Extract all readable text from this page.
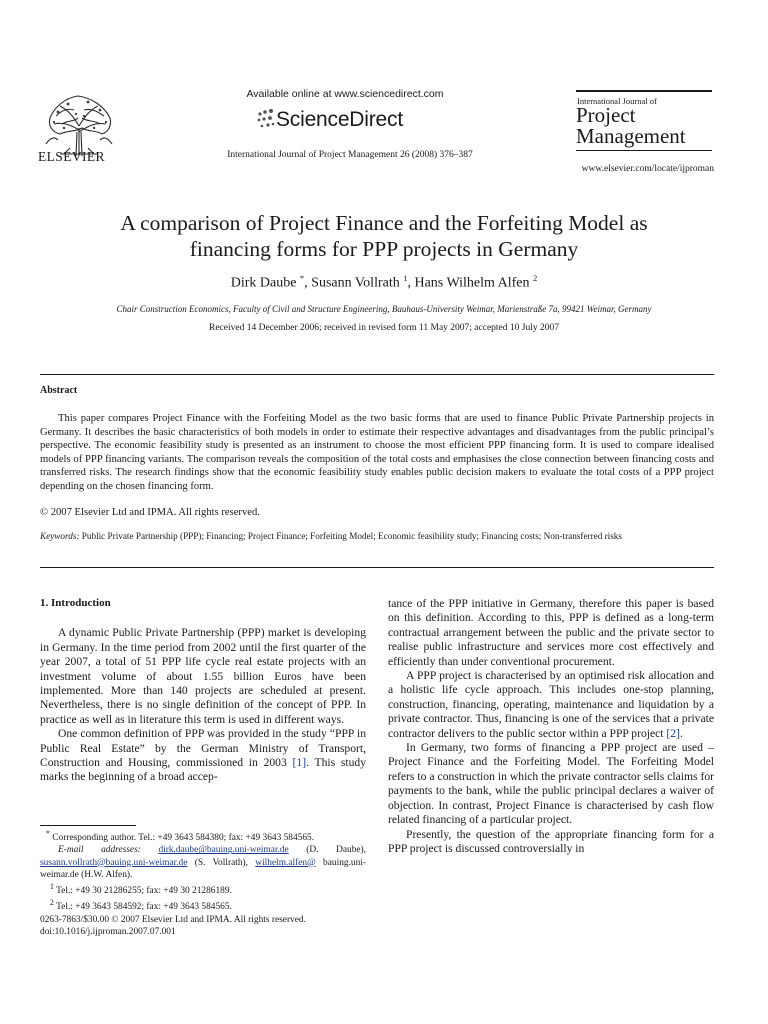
ELSEVIER
Available online at www.sciencedirect.com
ScienceDirect
International Journal of Project Management 26 (2008) 376–387
International Journal of
Project
Management
www.elsevier.com/locate/ijproman
A comparison of Project Finance and the Forfeiting Model as
financing forms for PPP projects in Germany
Dirk Daube *, Susann Vollrath $^1$, Hans Wilhelm Alfen $^2$
Chair Construction Economics, Faculty of Civil and Structure Engineering, Bauhaus-University Weimar, Marienstraße 7a, 99421 Weimar, Germany
Received 14 December 2006; received in revised form 11 May 2007; accepted 10 July 2007
Abstract

This paper compares Project Finance with the Forfeiting Model as the two basic forms that are used to finance Public Private Partnership projects in Germany. It describes the basic characteristics of both models in order to estimate their respective advantages and disadvantages from the public principal’s perspective. The economic feasibility study is presented as an instrument to choose the most efficient PPP financing form. It is used to compare idealised models of PPP financing variants. The comparison reveals the composition of the total costs and emphasises the close connection between financing costs and transferred risks. The research findings show that the economic feasibility study enables public decision makers to evaluate the total costs of a PPP project depending on the chosen financing form.

© 2007 Elsevier Ltd and IPMA. All rights reserved.
Keywords: Public Private Partnership (PPP); Financing; Project Finance; Forfeiting Model; Economic feasibility study; Financing costs; Non-transferred risks
1. Introduction

A dynamic Public Private Partnership (PPP) market is developing in Germany. In the time period from 2002 until the first quarter of the year 2007, a total of 51 PPP life cycle real estate projects with an investment volume of about 1.55 billion Euros have been implemented. More than 140 projects are scheduled at present. Nevertheless, there is no single definition of the concept of PPP. In practice as well as in literature this term is used in different ways.

One common definition of PPP was provided in the study “PPP in Public Real Estate” by the German Ministry of Transport, Construction and Housing, commissioned in 2003 [1]. This study marks the beginning of a broad accep-

tance of the PPP initiative in Germany, therefore this paper is based on this definition. According to this, PPP is defined as a long-term contractual arrangement between the public and the private sector to realise public infrastructure and services more cost effectively and efficiently than under conventional procurement.

A PPP project is characterised by an optimised risk allocation and a holistic life cycle approach. This includes one-stop planning, construction, financing, operating, maintenance and liquidation by a private contractor. Thus, financing is one of the services that a private contractor delivers to the public sector within a PPP project [2].

In Germany, two forms of financing a PPP project are used – Project Finance and the Forfeiting Model. The Forfeiting Model refers to a construction in which the private contractor sells claims for payments to the bank, while the public principal declares a waiver of objection. In contrast, Project Finance is characterised by cash flow related financing of a particular project.

Presently, the question of the appropriate financing form for a PPP project is discussed controversially in

* Corresponding author. Tel.: +49 3643 584380; fax: +49 3643 584565.

E-mail addresses: dirk.daube@bauing.uni-weimar.de (D. Daube), susann.vollrath@bauing.uni-weimar.de (S. Vollrath), wilhelm.alfen@ bauing.uni-weimar.de (H.W. Alfen).

$^1$ Tel.: +49 30 21286255; fax: +49 30 21286189.

$^2$ Tel.: +49 3643 584592; fax: +49 3643 584565.

0263-7863/$30.00 © 2007 Elsevier Ltd and IPMA. All rights reserved.
doi:10.1016/j.ijproman.2007.07.001
